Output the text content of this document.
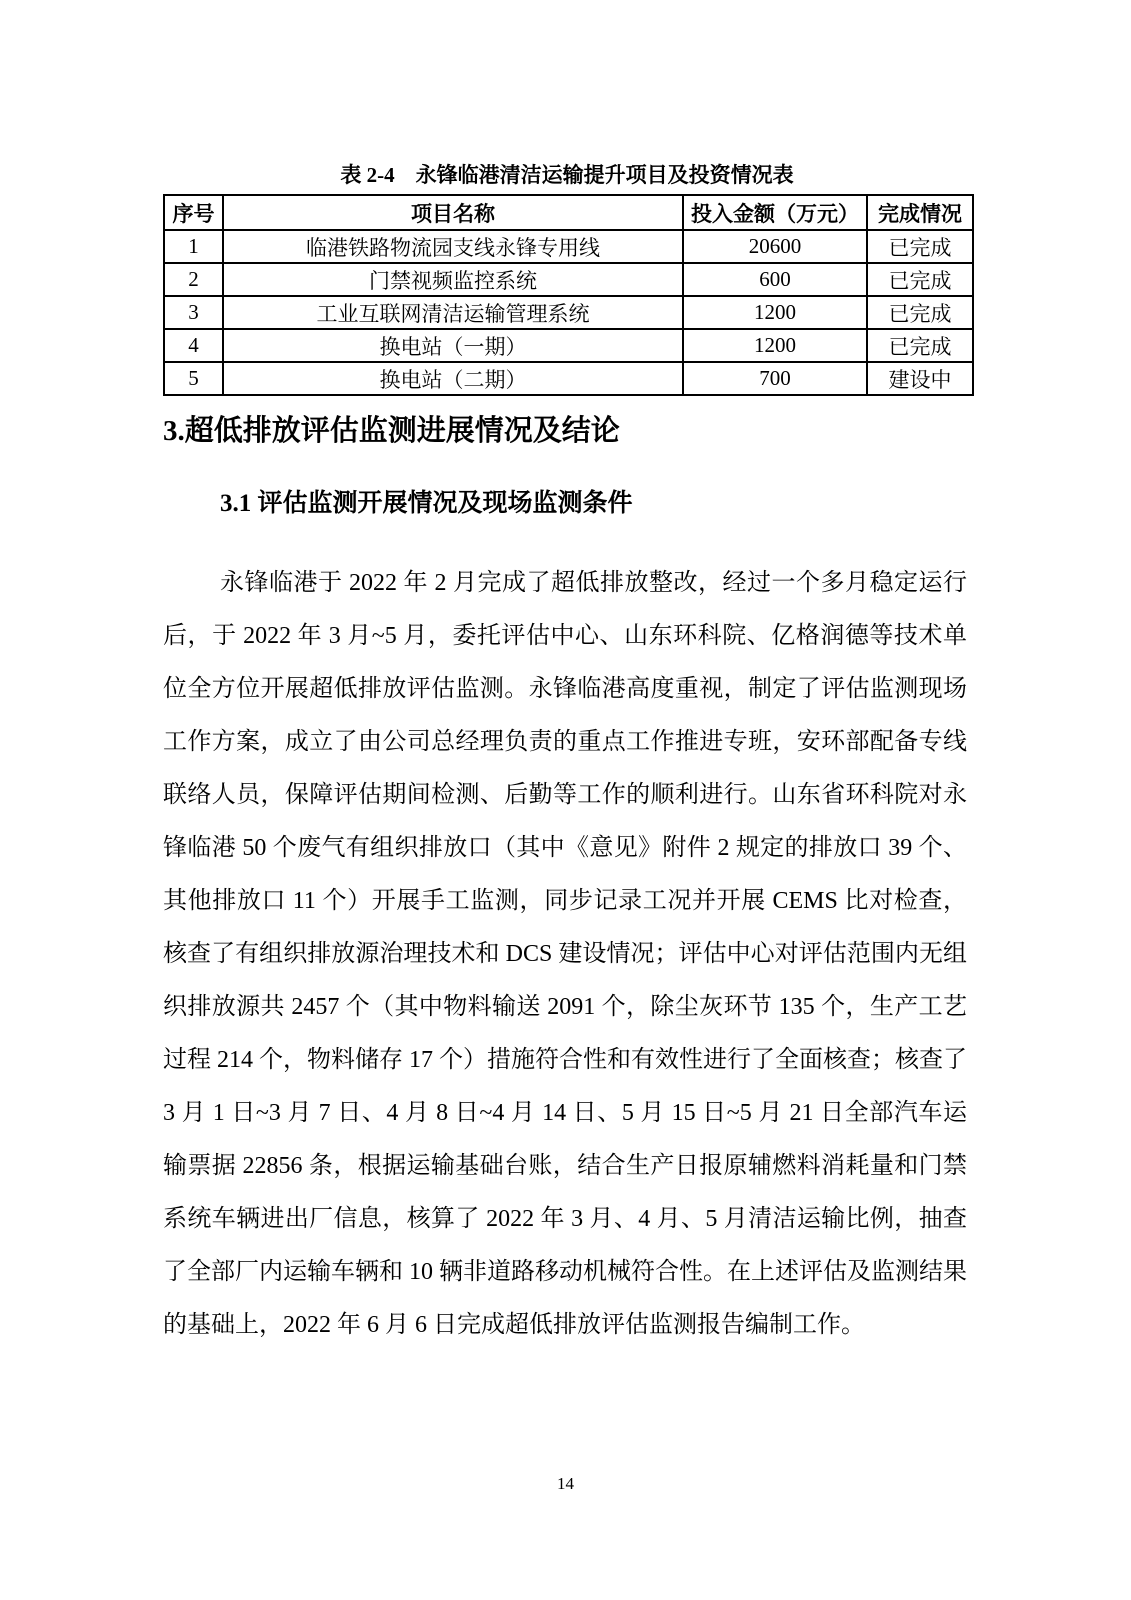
表 2-4　永锋临港清洁运输提升项目及投资情况表
序号	项目名称	投入金额（万元）	完成情况
1	临港铁路物流园支线永锋专用线	20600	已完成
2	门禁视频监控系统	600	已完成
3	工业互联网清洁运输管理系统	1200	已完成
4	换电站（一期）	1200	已完成
5	换电站（二期）	700	建设中
3.超低排放评估监测进展情况及结论
3.1 评估监测开展情况及现场监测条件
永锋临港于 2022 年 2 月完成了超低排放整改，经过一个多月稳定运行后，于 2022 年 3 月~5 月，委托评估中心、山东环科院、亿格润德等技术单位全方位开展超低排放评估监测。永锋临港高度重视，制定了评估监测现场工作方案，成立了由公司总经理负责的重点工作推进专班，安环部配备专线联络人员，保障评估期间检测、后勤等工作的顺利进行。山东省环科院对永锋临港 50 个废气有组织排放口（其中《意见》附件 2 规定的排放口 39 个、其他排放口 11 个）开展手工监测，同步记录工况并开展 CEMS 比对检查，核查了有组织排放源治理技术和 DCS 建设情况；评估中心对评估范围内无组织排放源共 2457 个（其中物料输送 2091 个，除尘灰环节 135 个，生产工艺过程 214 个，物料储存 17 个）措施符合性和有效性进行了全面核查；核查了 3 月 1 日~3 月 7 日、4 月 8 日~4 月 14 日、5 月 15 日~5 月 21 日全部汽车运输票据 22856 条，根据运输基础台账，结合生产日报原辅燃料消耗量和门禁系统车辆进出厂信息，核算了 2022 年 3 月、4 月、5 月清洁运输比例，抽查了全部厂内运输车辆和 10 辆非道路移动机械符合性。在上述评估及监测结果的基础上，2022 年 6 月 6 日完成超低排放评估监测报告编制工作。
14
